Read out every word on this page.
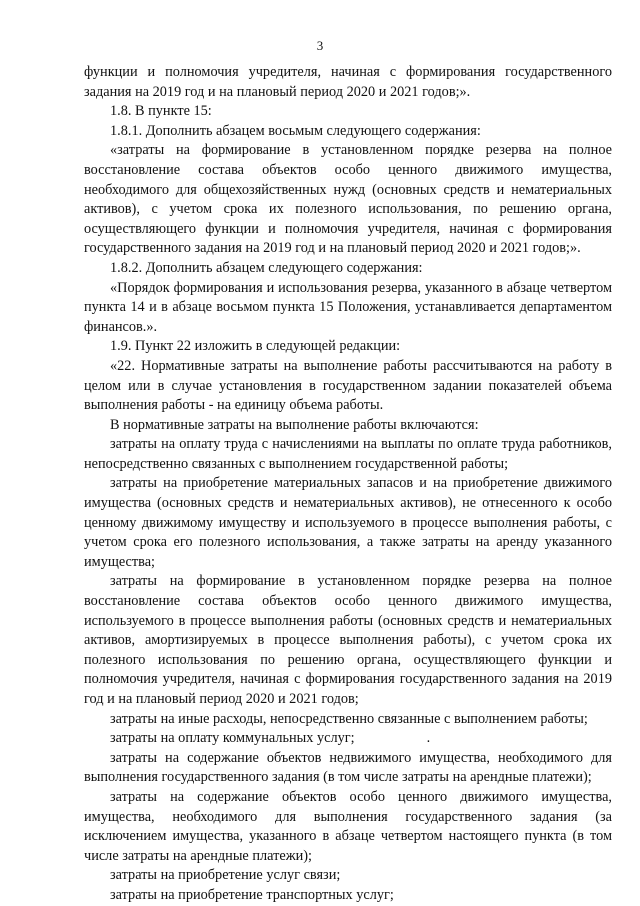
3

функции и полномочия учредителя, начиная с формирования государственного задания на 2019 год и на плановый период 2020 и 2021 годов;».

1.8. В пункте 15:

1.8.1. Дополнить абзацем восьмым следующего содержания:

«затраты на формирование в установленном порядке резерва на полное восстановление состава объектов особо ценного движимого имущества, необходимого для общехозяйственных нужд (основных средств и нематериальных активов), с учетом срока их полезного использования, по решению органа, осуществляющего функции и полномочия учредителя, начиная с формирования государственного задания на 2019 год и на плановый период 2020 и 2021 годов;».

1.8.2. Дополнить абзацем следующего содержания:

«Порядок формирования и использования резерва, указанного в абзаце четвертом пункта 14 и в абзаце восьмом пункта 15 Положения, устанавливается департаментом финансов.».

1.9. Пункт 22 изложить в следующей редакции:

«22. Нормативные затраты на выполнение работы рассчитываются на работу в целом или в случае установления в государственном задании показателей объема выполнения работы - на единицу объема работы.

В нормативные затраты на выполнение работы включаются:

затраты на оплату труда с начислениями на выплаты по оплате труда работников, непосредственно связанных с выполнением государственной работы;

затраты на приобретение материальных запасов и на приобретение движимого имущества (основных средств и нематериальных активов), не отнесенного к особо ценному движимому имуществу и используемого в процессе выполнения работы, с учетом срока его полезного использования, а также затраты на аренду указанного имущества;

затраты на формирование в установленном порядке резерва на полное восстановление состава объектов особо ценного движимого имущества, используемого в процессе выполнения работы (основных средств и нематериальных активов, амортизируемых в процессе выполнения работы), с учетом срока их полезного использования по решению органа, осуществляющего функции и полномочия учредителя, начиная с формирования государственного задания на 2019 год и на плановый период 2020 и 2021 годов;

затраты на иные расходы, непосредственно связанные с выполнением работы;

затраты на оплату коммунальных услуг;	.

затраты на содержание объектов недвижимого имущества, необходимого для выполнения государственного задания (в том числе затраты на арендные платежи);

затраты на содержание объектов особо ценного движимого имущества, имущества, необходимого для выполнения государственного задания (за исключением имущества, указанного в абзаце четвертом настоящего пункта (в том числе затраты на арендные платежи);

затраты на приобретение услуг связи;

затраты на приобретение транспортных услуг;
